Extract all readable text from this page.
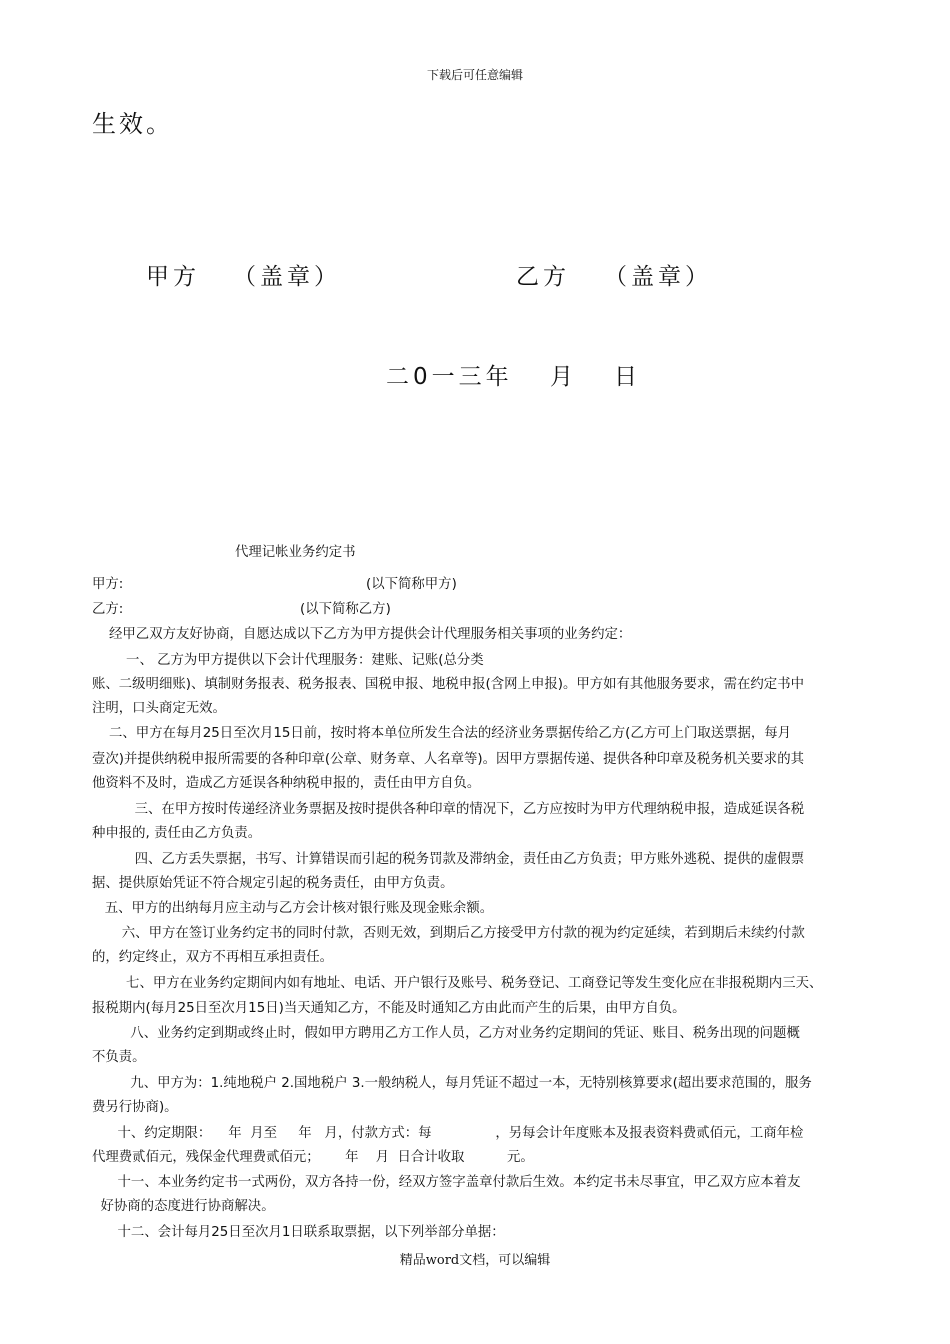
下载后可任意编辑
生效。
甲方 （盖章）	乙方 （盖章）
二0一三年 月 日
代理记帐业务约定书
甲方:	(以下简称甲方)
乙方:	(以下简称乙方)
经甲乙双方友好协商，自愿达成以下乙方为甲方提供会计代理服务相关事项的业务约定：
一、 乙方为甲方提供以下会计代理服务：建账、记账(总分类
账、二级明细账)、填制财务报表、税务报表、国税申报、地税申报(含网上申报)。甲方如有其他服务要求，需在约定书中
注明，口头商定无效。
二、甲方在每月25日至次月15日前，按时将本单位所发生合法的经济业务票据传给乙方(乙方可上门取送票据，每月
壹次)并提供纳税申报所需要的各种印章(公章、财务章、人名章等)。因甲方票据传递、提供各种印章及税务机关要求的其
他资料不及时，造成乙方延误各种纳税申报的，责任由甲方自负。
三、在甲方按时传递经济业务票据及按时提供各种印章的情况下，乙方应按时为甲方代理纳税申报，造成延误各税
种申报的, 责任由乙方负责。
四、乙方丢失票据，书写、计算错误而引起的税务罚款及滞纳金，责任由乙方负责；甲方账外逃税、提供的虚假票
据、提供原始凭证不符合规定引起的税务责任，由甲方负责。
五、甲方的出纳每月应主动与乙方会计核对银行账及现金账余额。
六、甲方在签订业务约定书的同时付款，否则无效，到期后乙方接受甲方付款的视为约定延续，若到期后未续约付款
的，约定终止，双方不再相互承担责任。
七、甲方在业务约定期间内如有地址、电话、开户银行及账号、税务登记、工商登记等发生变化应在非报税期内三天、
报税期内(每月25日至次月15日)当天通知乙方，不能及时通知乙方由此而产生的后果，由甲方自负。
八、业务约定到期或终止时，假如甲方聘用乙方工作人员，乙方对业务约定期间的凭证、账目、税务出现的问题概
不负责。
九、甲方为：1.纯地税户 2.国地税户 3.一般纳税人，每月凭证不超过一本，无特别核算要求(超出要求范围的，服务
费另行协商)。
十、约定期限：    年  月至     年   月，付款方式：每               ，另每会计年度账本及报表资料费贰佰元，工商年检
代理费贰佰元，残保金代理费贰佰元；      年    月  日合计收取          元。
十一、本业务约定书一式两份，双方各持一份，经双方签字盖章付款后生效。本约定书未尽事宜，甲乙双方应本着友
好协商的态度进行协商解决。
十二、会计每月25日至次月1日联系取票据，以下列举部分单据：
精品word文档，可以编辑
